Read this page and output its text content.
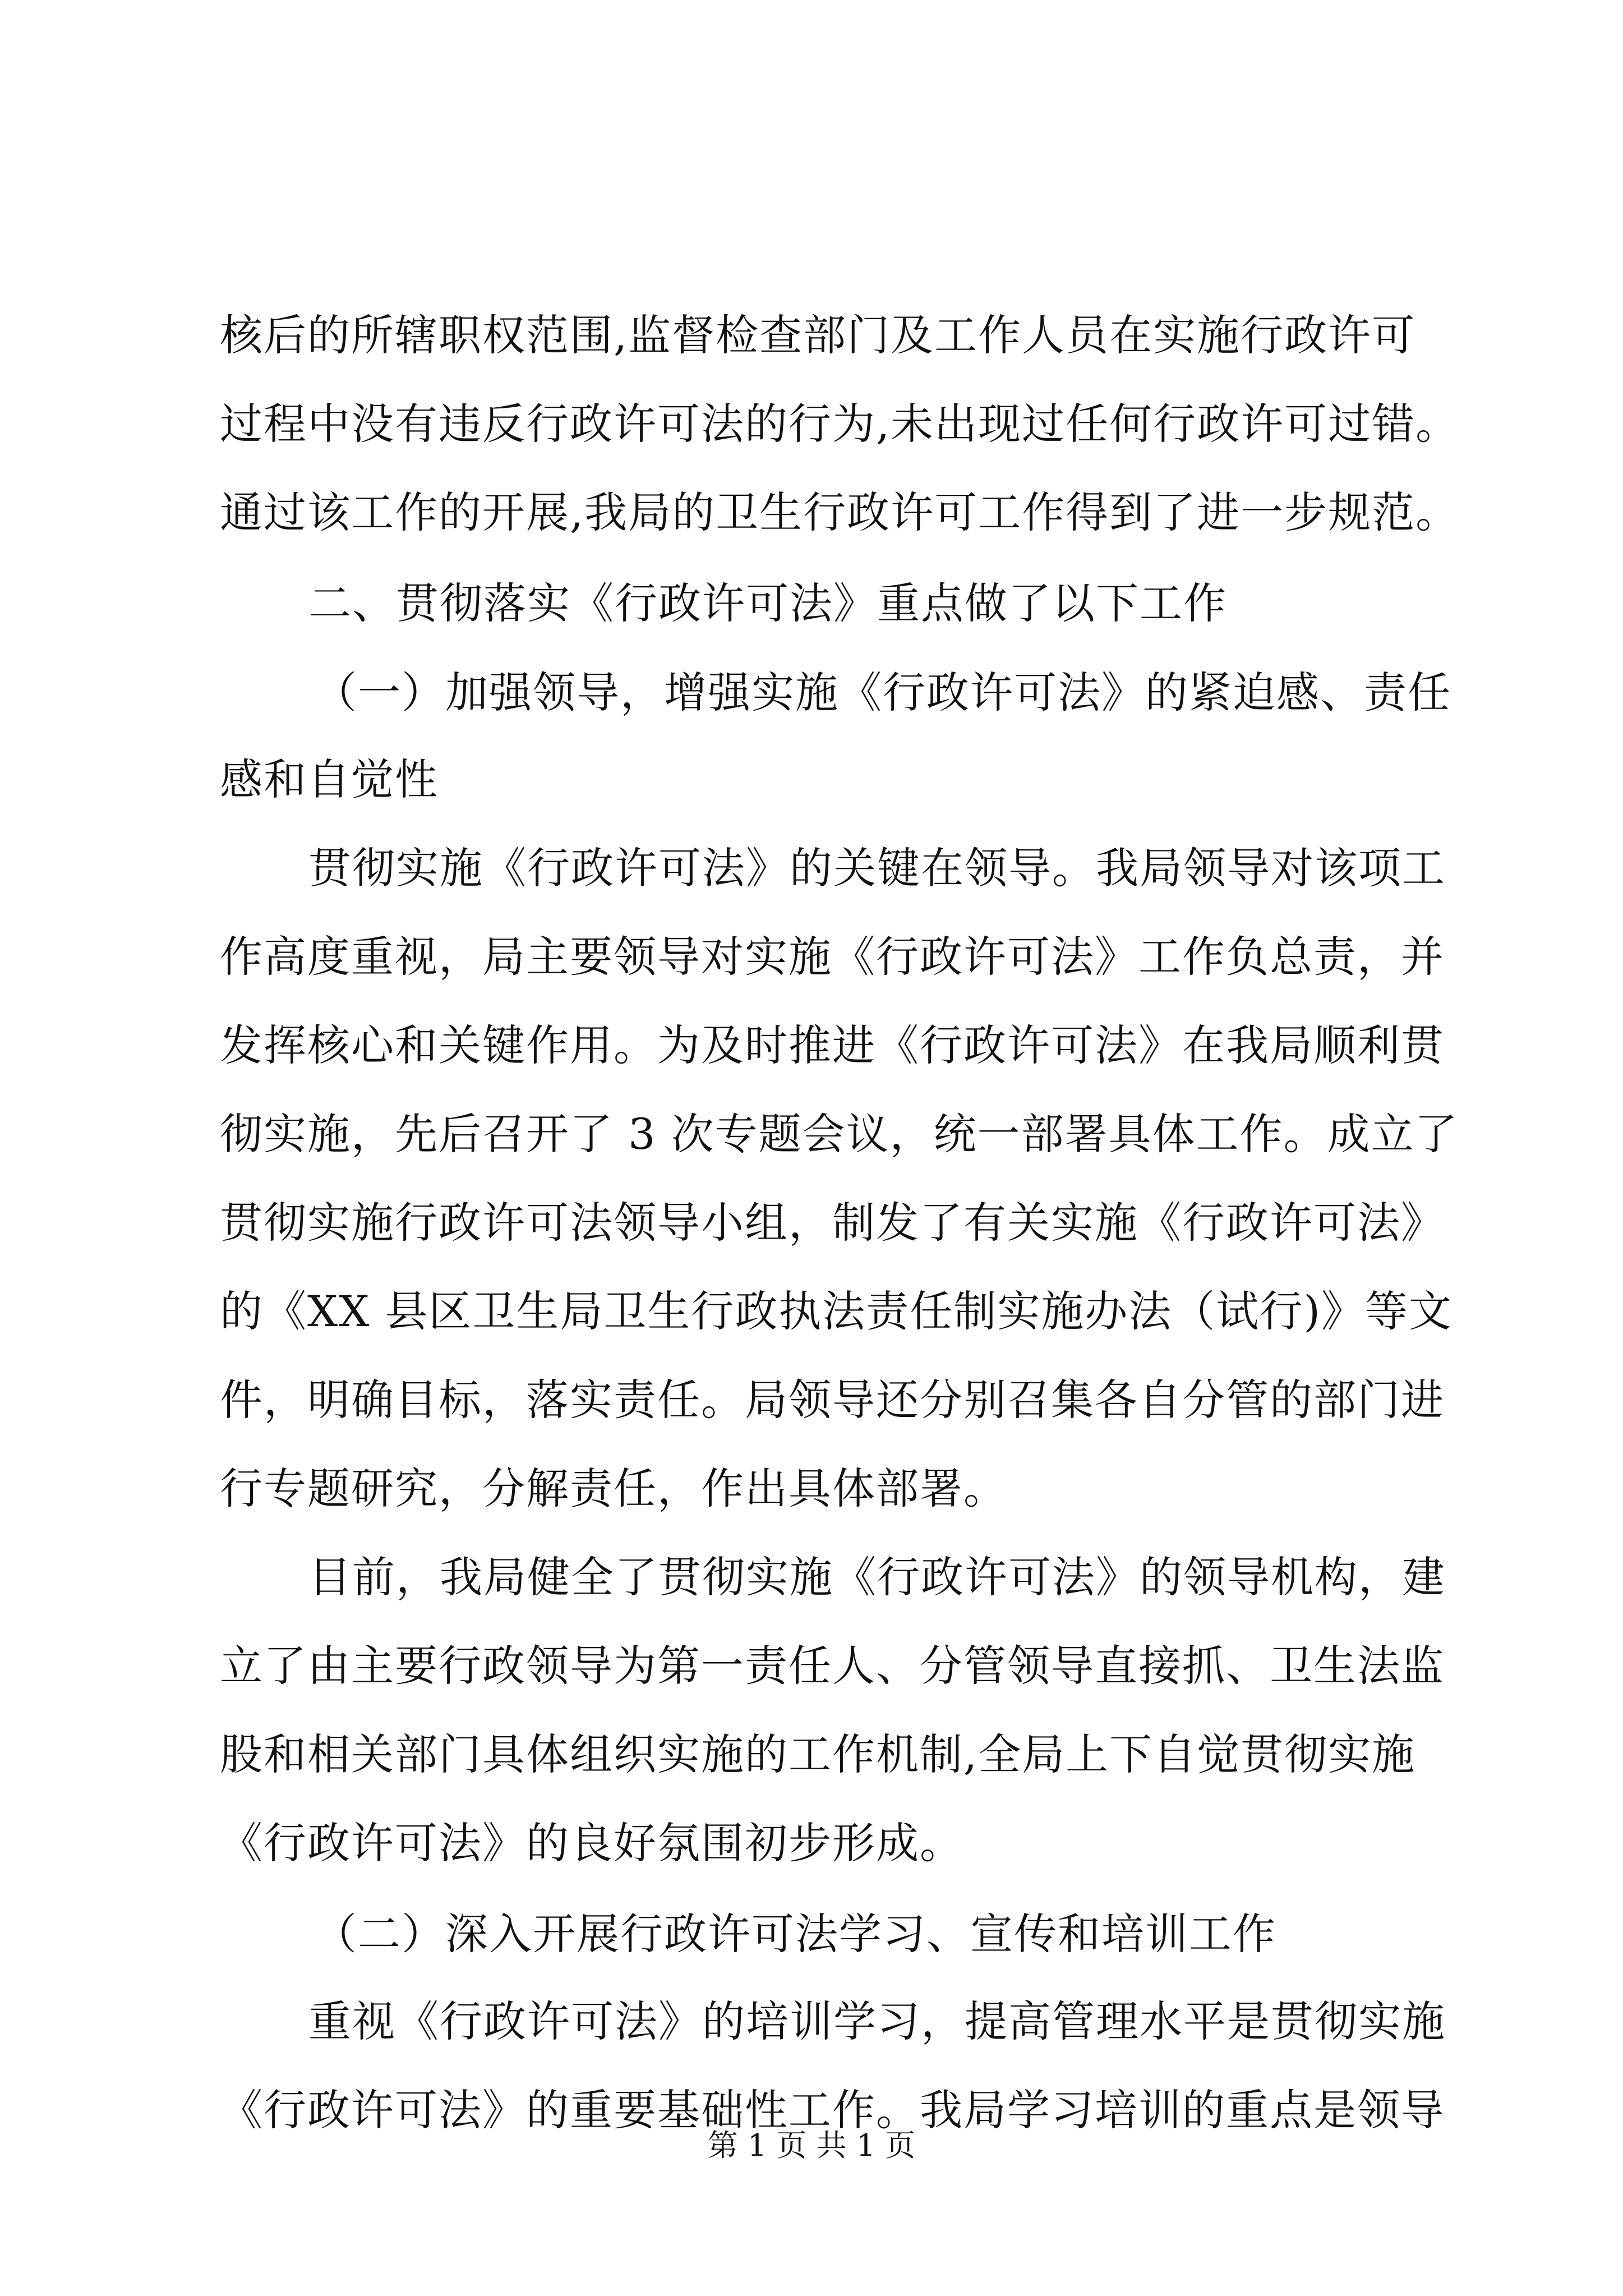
核后的所辖职权范围,监督检查部门及工作人员在实施行政许可
过程中没有违反行政许可法的行为,未出现过任何行政许可过错。
通过该工作的开展,我局的卫生行政许可工作得到了进一步规范。
二、贯彻落实《行政许可法》重点做了以下工作
（一）加强领导，增强实施《行政许可法》的紧迫感、责任
感和自觉性
贯彻实施《行政许可法》的关键在领导。我局领导对该项工
作高度重视，局主要领导对实施《行政许可法》工作负总责，并
发挥核心和关键作用。为及时推进《行政许可法》在我局顺利贯
彻实施，先后召开了 3 次专题会议，统一部署具体工作。成立了
贯彻实施行政许可法领导小组，制发了有关实施《行政许可法》
的《XX 县区卫生局卫生行政执法责任制实施办法（试行)》等文
件，明确目标，落实责任。局领导还分别召集各自分管的部门进
行专题研究，分解责任，作出具体部署。
目前，我局健全了贯彻实施《行政许可法》的领导机构，建
立了由主要行政领导为第一责任人、分管领导直接抓、卫生法监
股和相关部门具体组织实施的工作机制,全局上下自觉贯彻实施
《行政许可法》的良好氛围初步形成。
（二）深入开展行政许可法学习、宣传和培训工作
重视《行政许可法》的培训学习，提高管理水平是贯彻实施
《行政许可法》的重要基础性工作。我局学习培训的重点是领导
第 1 页 共 1 页
